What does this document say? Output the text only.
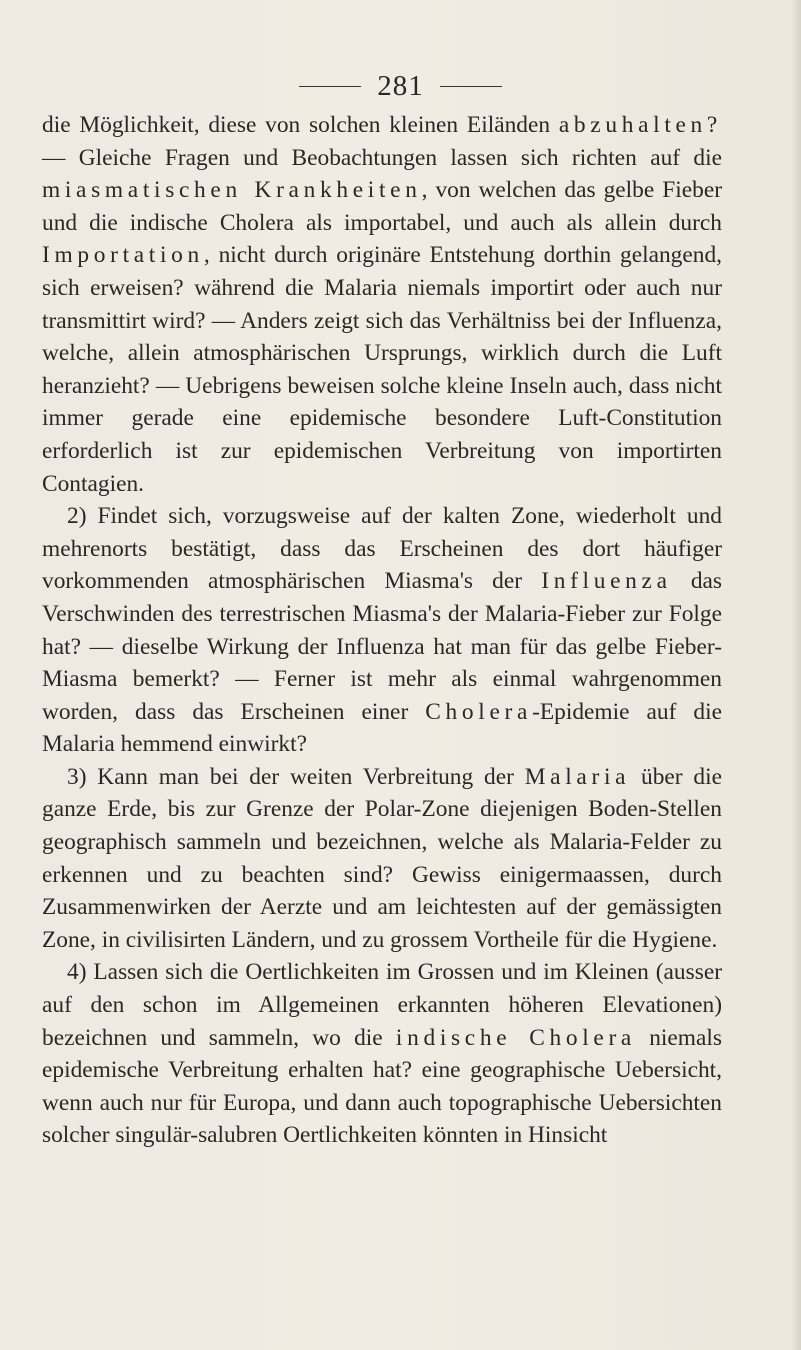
281

die Möglichkeit, diese von solchen kleinen Eiländen abzuhalten? — Gleiche Fragen und Beobachtungen lassen sich richten auf die miasmatischen Krankheiten, von welchen das gelbe Fieber und die indische Cholera als importabel, und auch als allein durch Importation, nicht durch originäre Entstehung dorthin gelangend, sich erweisen? während die Malaria niemals importirt oder auch nur transmittirt wird? — Anders zeigt sich das Verhältniss bei der Influenza, welche, allein atmosphärischen Ursprungs, wirklich durch die Luft heranzieht? — Uebrigens beweisen solche kleine Inseln auch, dass nicht immer gerade eine epidemische besondere Luft-Constitution erforderlich ist zur epidemischen Verbreitung von importirten Contagien.

2) Findet sich, vorzugsweise auf der kalten Zone, wiederholt und mehrenorts bestätigt, dass das Erscheinen des dort häufiger vorkommenden atmosphärischen Miasma's der Influenza das Verschwinden des terrestrischen Miasma's der Malaria-Fieber zur Folge hat? — dieselbe Wirkung der Influenza hat man für das gelbe Fieber-Miasma bemerkt? — Ferner ist mehr als einmal wahrgenommen worden, dass das Erscheinen einer Cholera-Epidemie auf die Malaria hemmend einwirkt?

3) Kann man bei der weiten Verbreitung der Malaria über die ganze Erde, bis zur Grenze der Polar-Zone diejenigen Boden-Stellen geographisch sammeln und bezeichnen, welche als Malaria-Felder zu erkennen und zu beachten sind? Gewiss einigermaassen, durch Zusammenwirken der Aerzte und am leichtesten auf der gemässigten Zone, in civilisirten Ländern, und zu grossem Vortheile für die Hygiene.

4) Lassen sich die Oertlichkeiten im Grossen und im Kleinen (ausser auf den schon im Allgemeinen erkannten höheren Elevationen) bezeichnen und sammeln, wo die indische Cholera niemals epidemische Verbreitung erhalten hat? eine geographische Uebersicht, wenn auch nur für Europa, und dann auch topographische Uebersichten solcher singulär-salubren Oertlichkeiten könnten in Hinsicht
